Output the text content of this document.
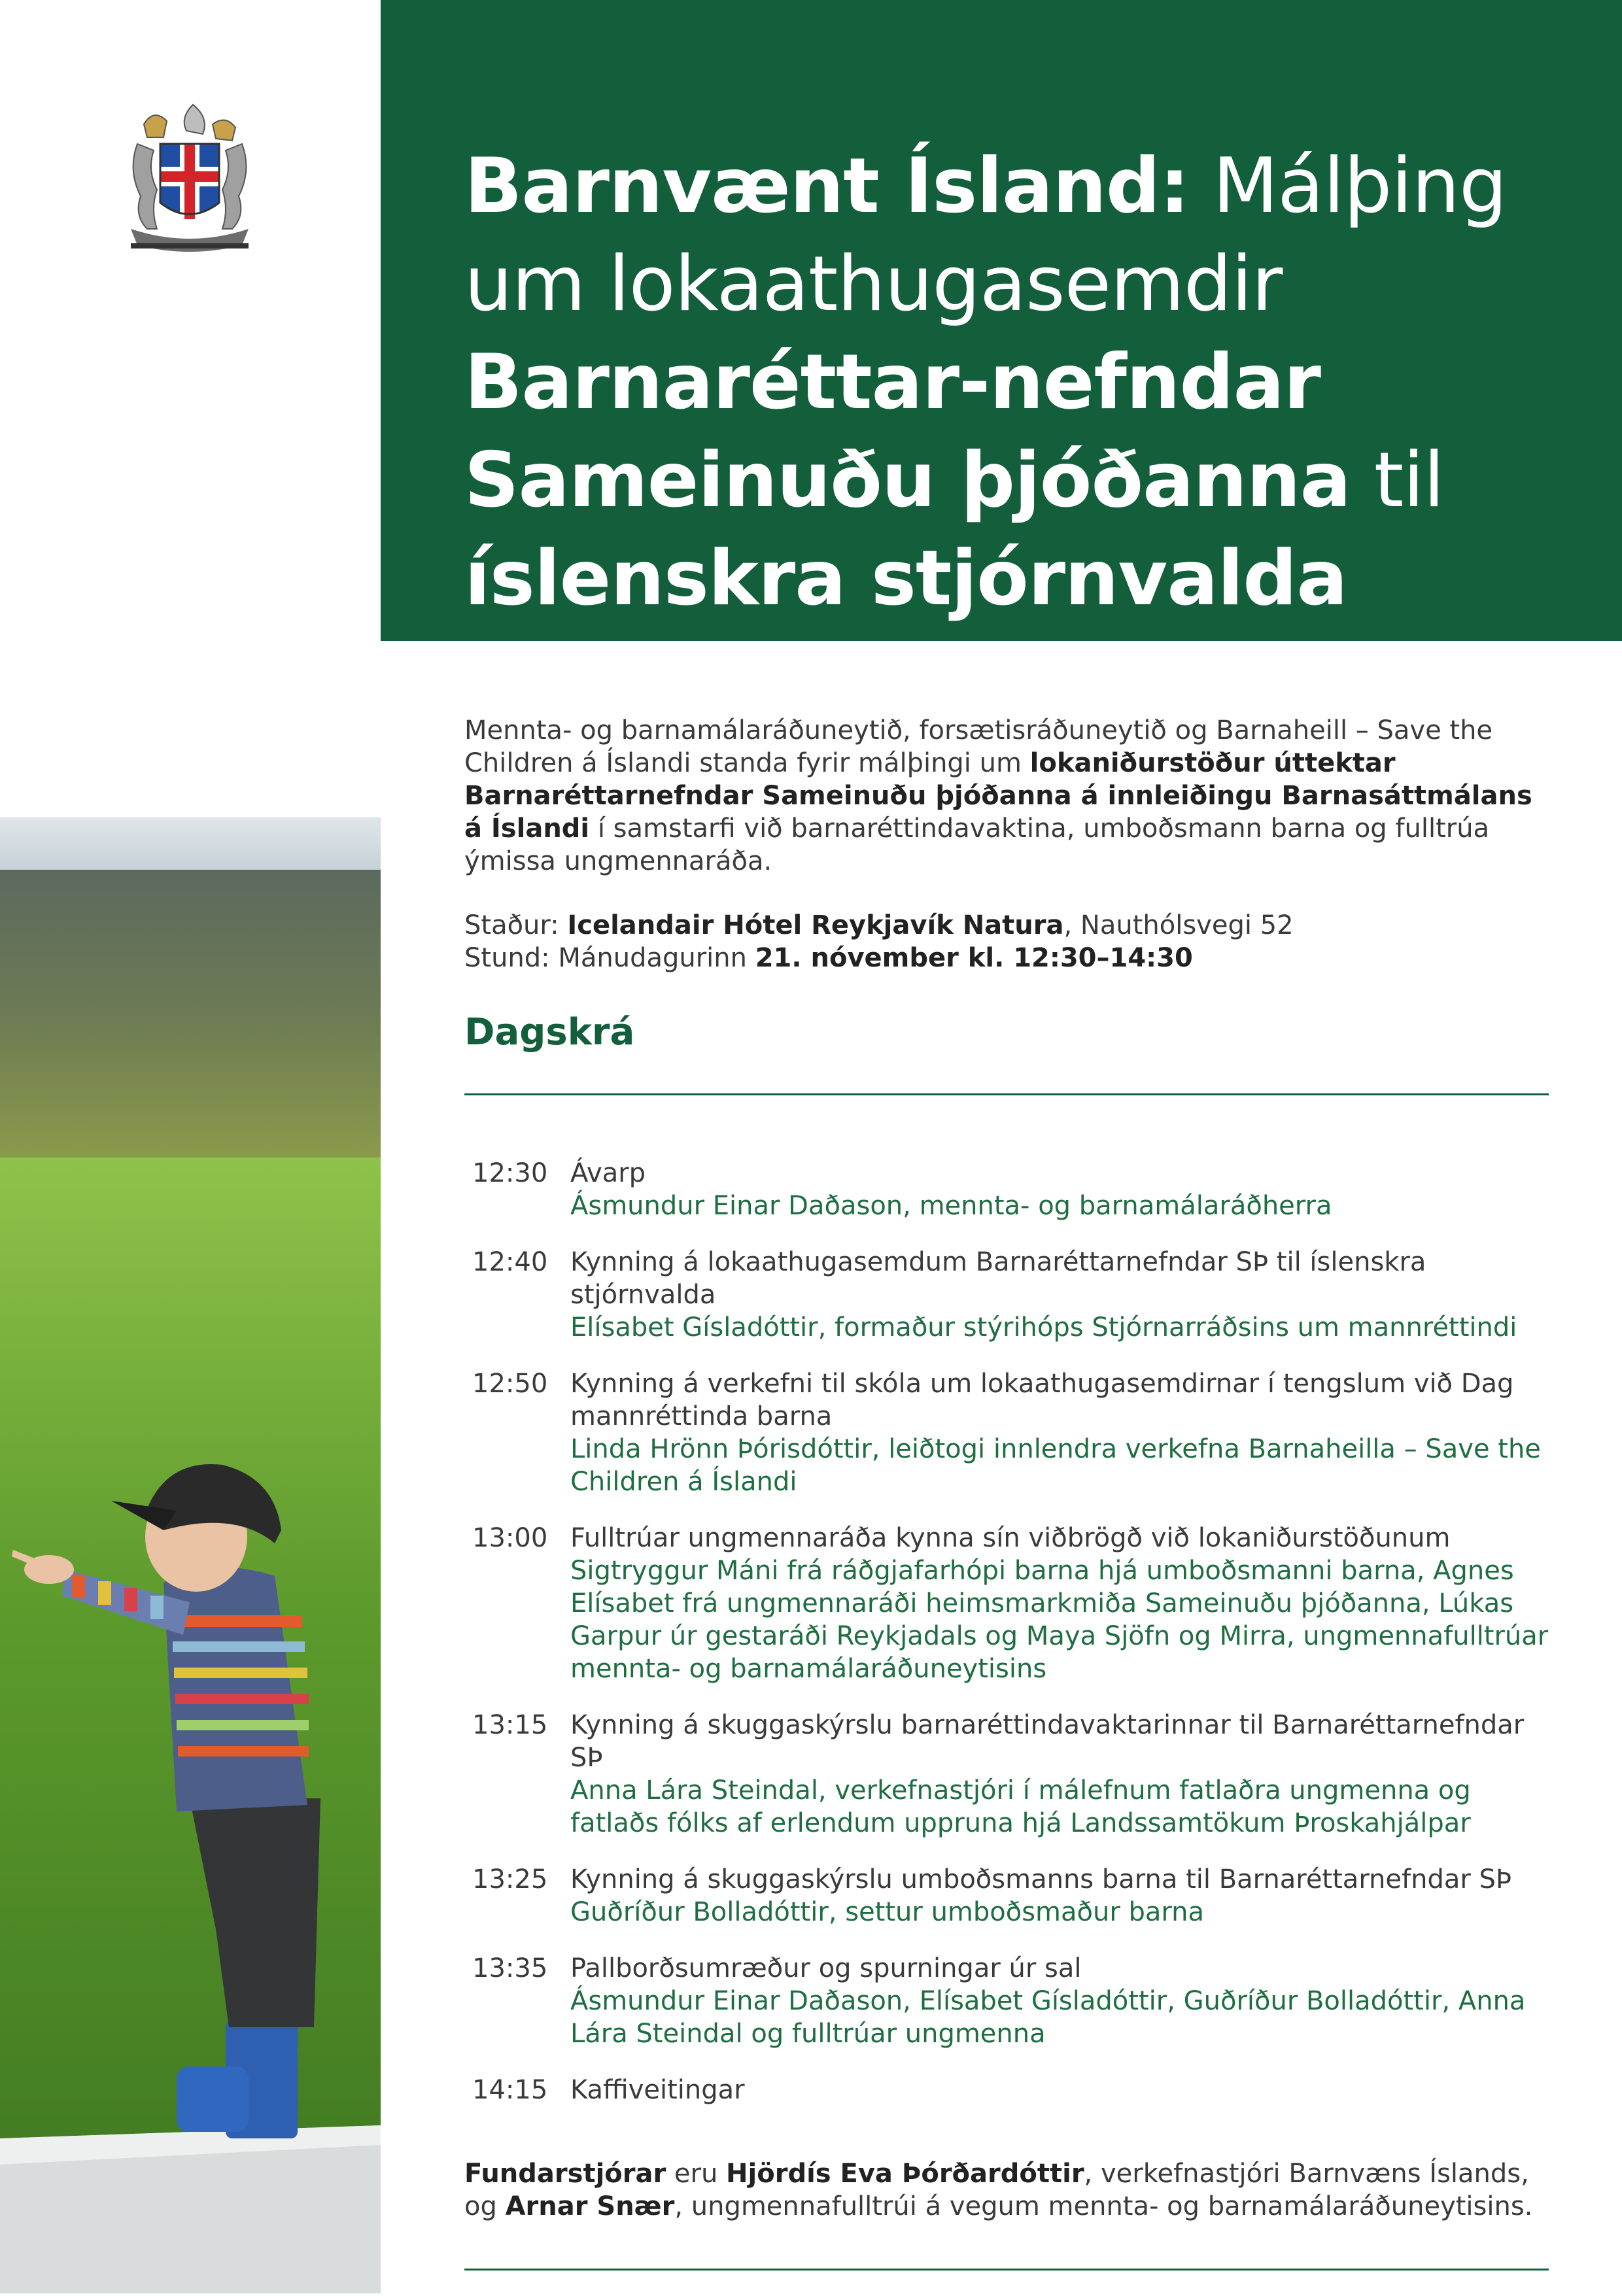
Barnvænt Ísland: Málþing um lokaathugasemdir Barnaréttar-nefndar Sameinuðu þjóðanna til íslenskra stjórnvalda

Mennta- og barnamálaráðuneytið, forsætisráðuneytið og Barnaheill – Save the Children á Íslandi standa fyrir málþingi um lokaniðurstöður úttektar Barnaréttarnefndar Sameinuðu þjóðanna á innleiðingu Barnasáttmálans á Íslandi í samstarfi við barnaréttindavaktina, umboðsmann barna og fulltrúa ýmissa ungmennaráða.

Staður: Icelandair Hótel Reykjavík Natura, Nauthólsvegi 52
Stund: Mánudagurinn 21. nóvember kl. 12:30–14:30

Dagskrá
12:30 Ávarp
Ásmundur Einar Daðason, mennta- og barnamálaráðherra
12:40 Kynning á lokaathugasemdum Barnaréttarnefndar SÞ til íslenskra stjórnvalda
Elísabet Gísladóttir, formaður stýrihóps Stjórnarráðsins um mannréttindi
12:50 Kynning á verkefni til skóla um lokaathugasemdirnar í tengslum við Dag mannréttinda barna
Linda Hrönn Þórisdóttir, leiðtogi innlendra verkefna Barnaheilla – Save the Children á Íslandi
13:00 Fulltrúar ungmennaráða kynna sín viðbrögð við lokaniðurstöðunum
Sigtryggur Máni frá ráðgjafarhópi barna hjá umboðsmanni barna, Agnes Elísabet frá ungmennaráði heimsmarkmiða Sameinuðu þjóðanna, Lúkas Garpur úr gestaráði Reykjadals og Maya Sjöfn og Mirra, ungmennafulltrúar mennta- og barnamálaráðuneytisins
13:15 Kynning á skuggaskýrslu barnaréttindavaktarinnar til Barnaréttarnefndar SÞ
Anna Lára Steindal, verkefnastjóri í málefnum fatlaðra ungmenna og fatlaðs fólks af erlendum uppruna hjá Landssamtökum Þroskahjálpar
13:25 Kynning á skuggaskýrslu umboðsmanns barna til Barnaréttarnefndar SÞ
Guðríður Bolladóttir, settur umboðsmaður barna
13:35 Pallborðsumræður og spurningar úr sal
Ásmundur Einar Daðason, Elísabet Gísladóttir, Guðríður Bolladóttir, Anna Lára Steindal og fulltrúar ungmenna
14:15 Kaffiveitingar

Fundarstjórar eru Hjördís Eva Þórðardóttir, verkefnastjóri Barnvæns Íslands, og Arnar Snær, ungmennafulltrúi á vegum mennta- og barnamálaráðuneytisins.
